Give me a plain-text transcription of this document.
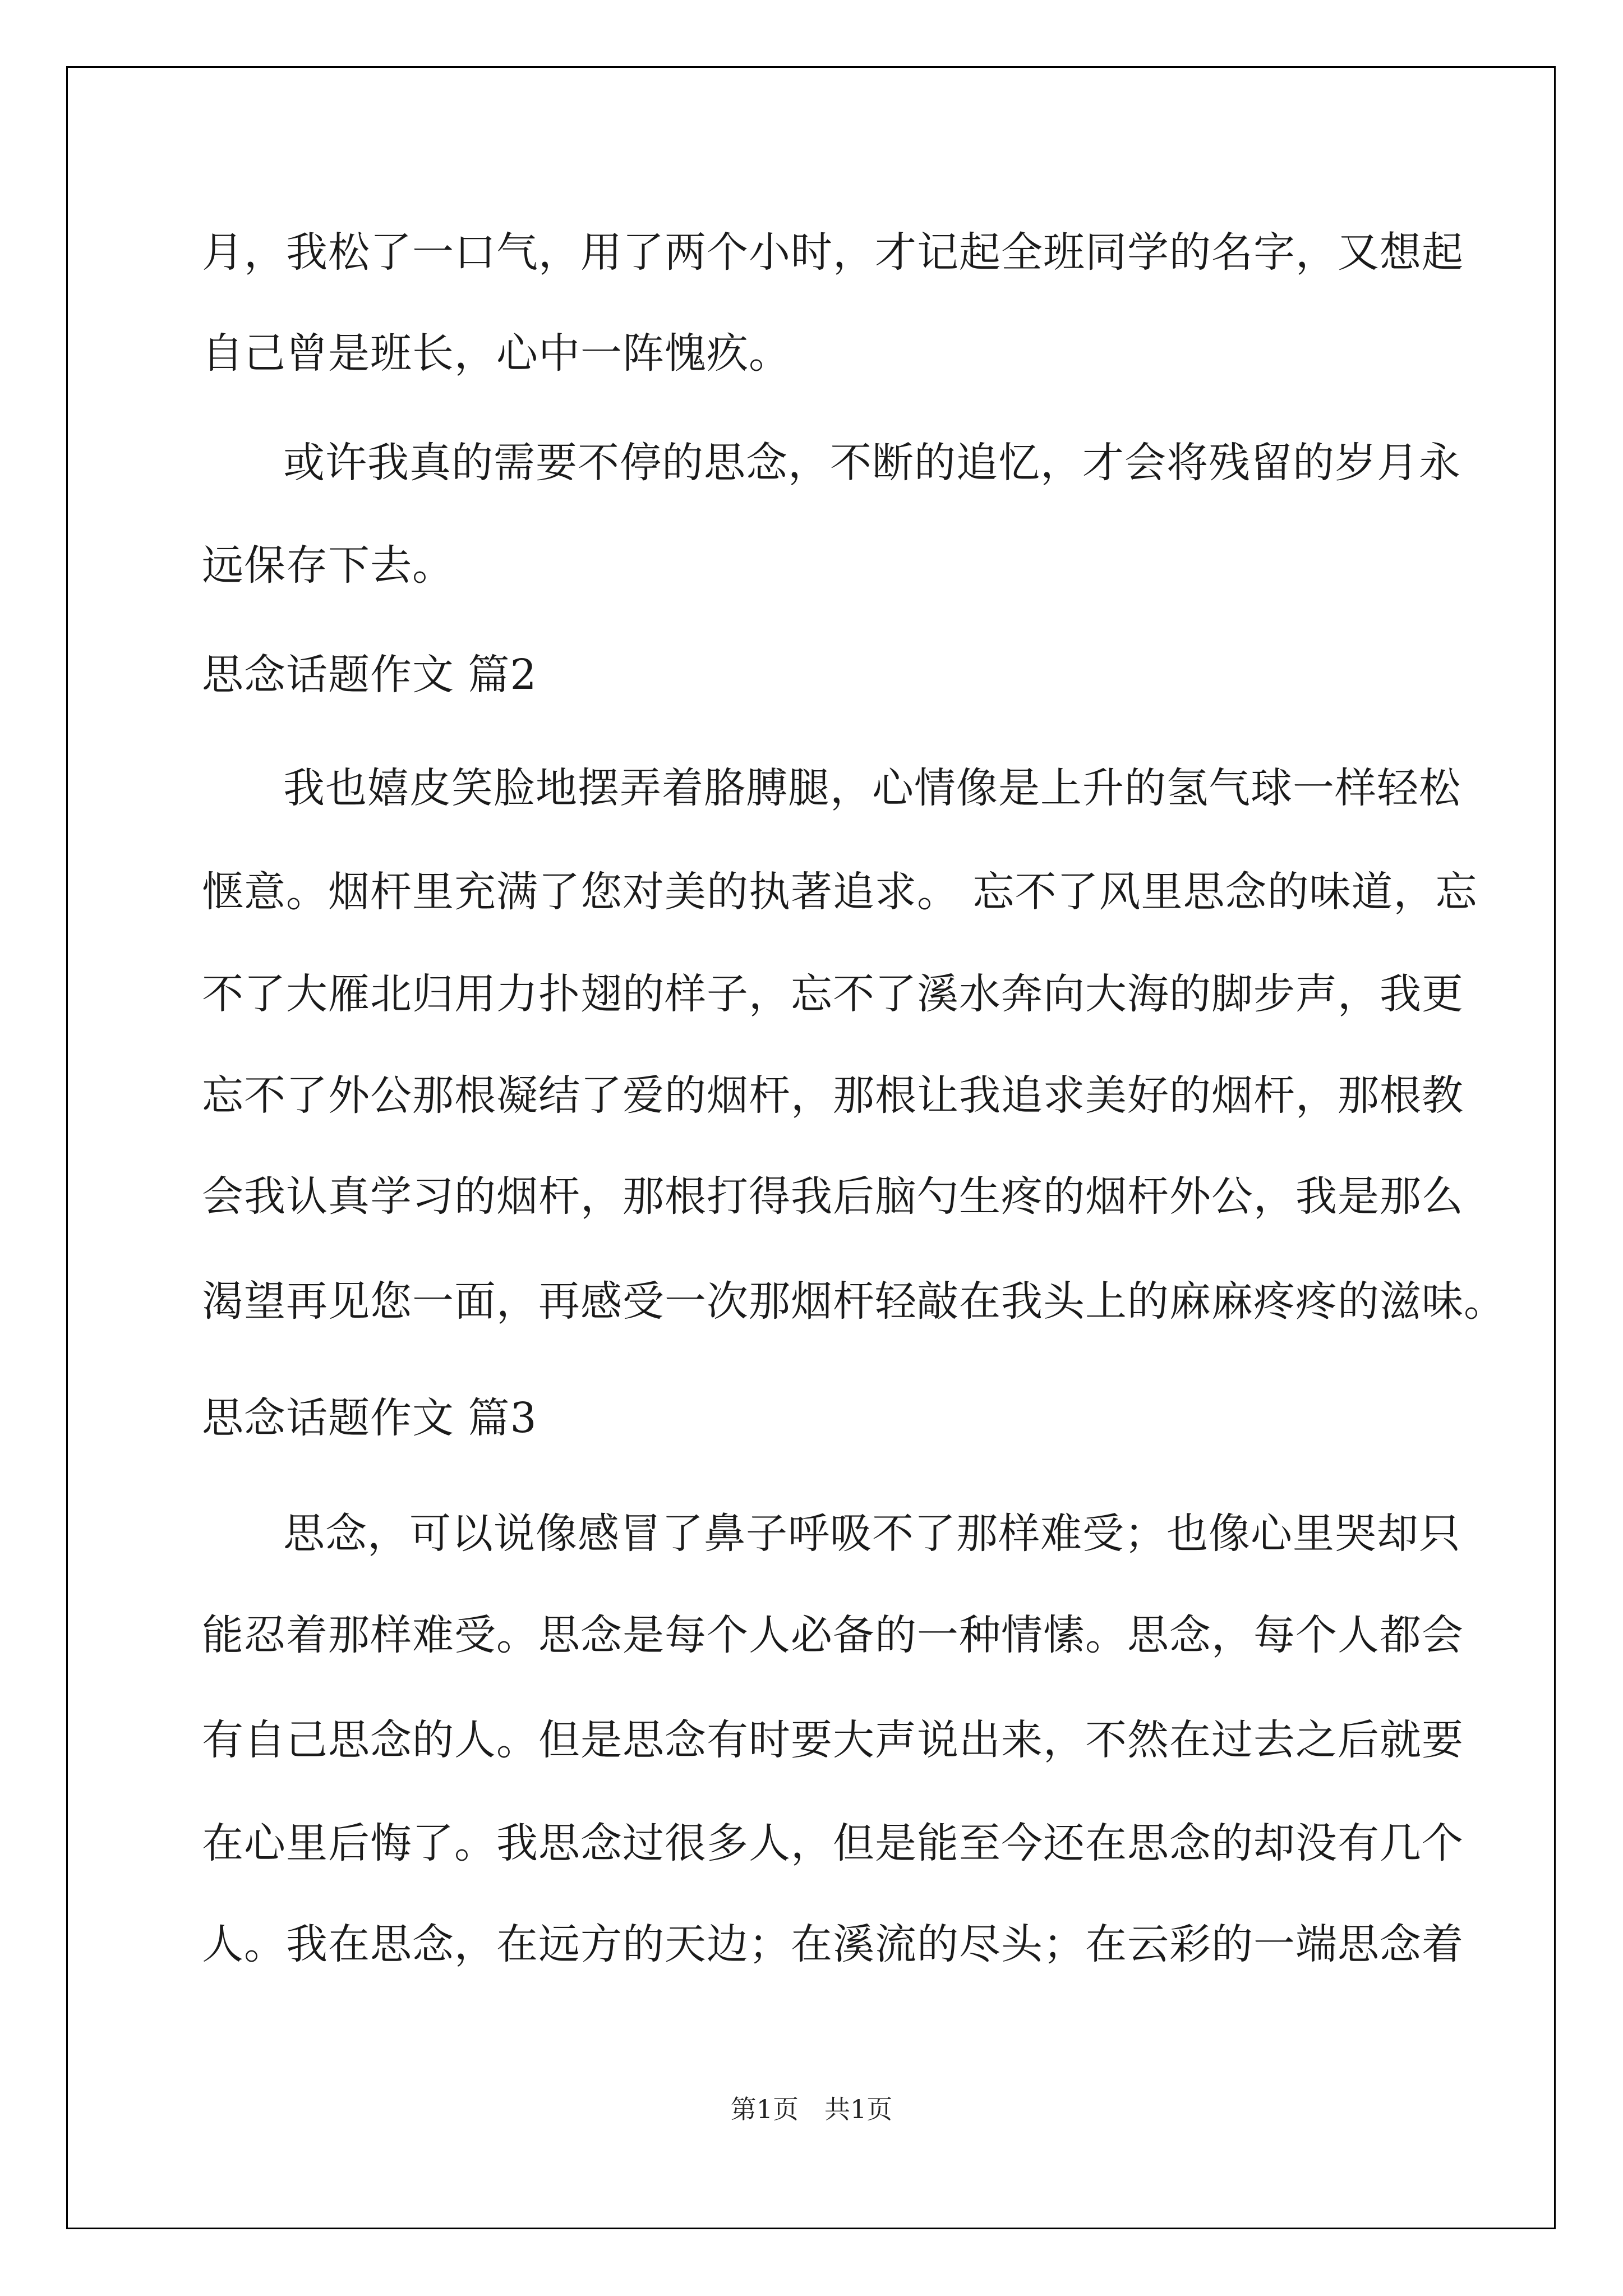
月，我松了一口气，用了两个小时，才记起全班同学的名字，又想起
自己曾是班长，心中一阵愧疚。
或许我真的需要不停的思念，不断的追忆，才会将残留的岁月永
远保存下去。
思念话题作文 篇2
我也嬉皮笑脸地摆弄着胳膊腿，心情像是上升的氢气球一样轻松
惬意。烟杆里充满了您对美的执著追求。 忘不了风里思念的味道，忘
不了大雁北归用力扑翅的样子，忘不了溪水奔向大海的脚步声，我更
忘不了外公那根凝结了爱的烟杆，那根让我追求美好的烟杆，那根教
会我认真学习的烟杆，那根打得我后脑勺生疼的烟杆外公，我是那么
渴望再见您一面，再感受一次那烟杆轻敲在我头上的麻麻疼疼的滋味。
思念话题作文 篇3
思念，可以说像感冒了鼻子呼吸不了那样难受；也像心里哭却只
能忍着那样难受。思念是每个人必备的一种情愫。思念，每个人都会
有自己思念的人。但是思念有时要大声说出来，不然在过去之后就要
在心里后悔了。我思念过很多人，但是能至今还在思念的却没有几个
人。我在思念，在远方的天边；在溪流的尽头；在云彩的一端思念着
第1页　共1页
